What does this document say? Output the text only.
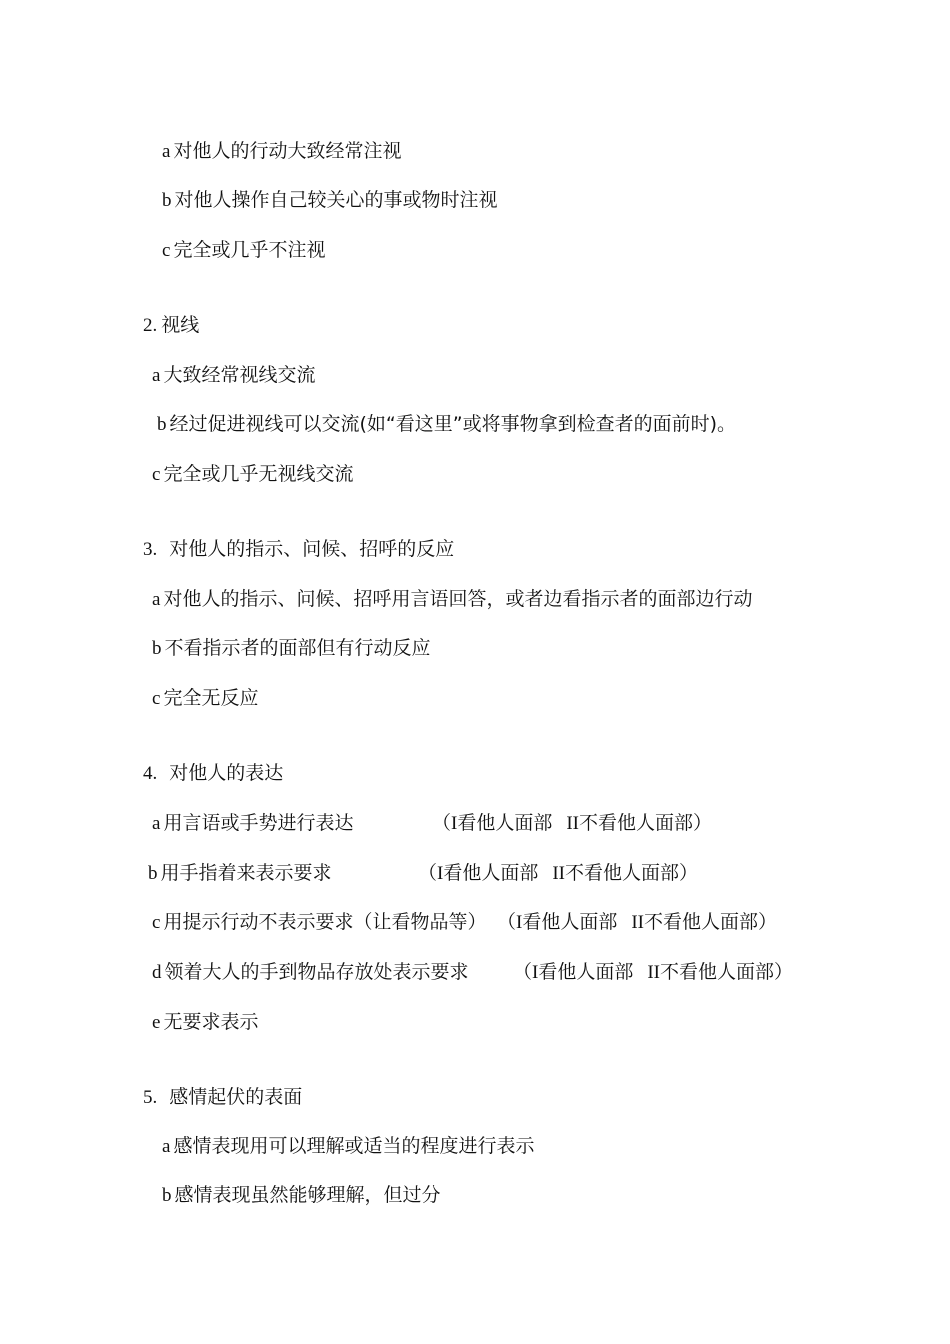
a 对他人的行动大致经常注视
b 对他人操作自己较关心的事或物时注视
c 完全或几乎不注视
2. 视线
a 大致经常视线交流
b 经过促进视线可以交流(如“看这里”或将事物拿到检查者的面前时)。
c 完全或几乎无视线交流
3. 对他人的指示、问候、招呼的反应
a 对他人的指示、问候、招呼用言语回答，或者边看指示者的面部边行动
b 不看指示者的面部但有行动反应
c 完全无反应
4. 对他人的表达
a 用言语或手势进行表达	（I看他人面部 II不看他人面部）
b 用手指着来表示要求	（I看他人面部 II不看他人面部）
c 用提示行动不表示要求（让看物品等） （I看他人面部 II不看他人面部）
d 领着大人的手到物品存放处表示要求 （I看他人面部 II不看他人面部）
e 无要求表示
5. 感情起伏的表面
a 感情表现用可以理解或适当的程度进行表示
b 感情表现虽然能够理解，但过分
